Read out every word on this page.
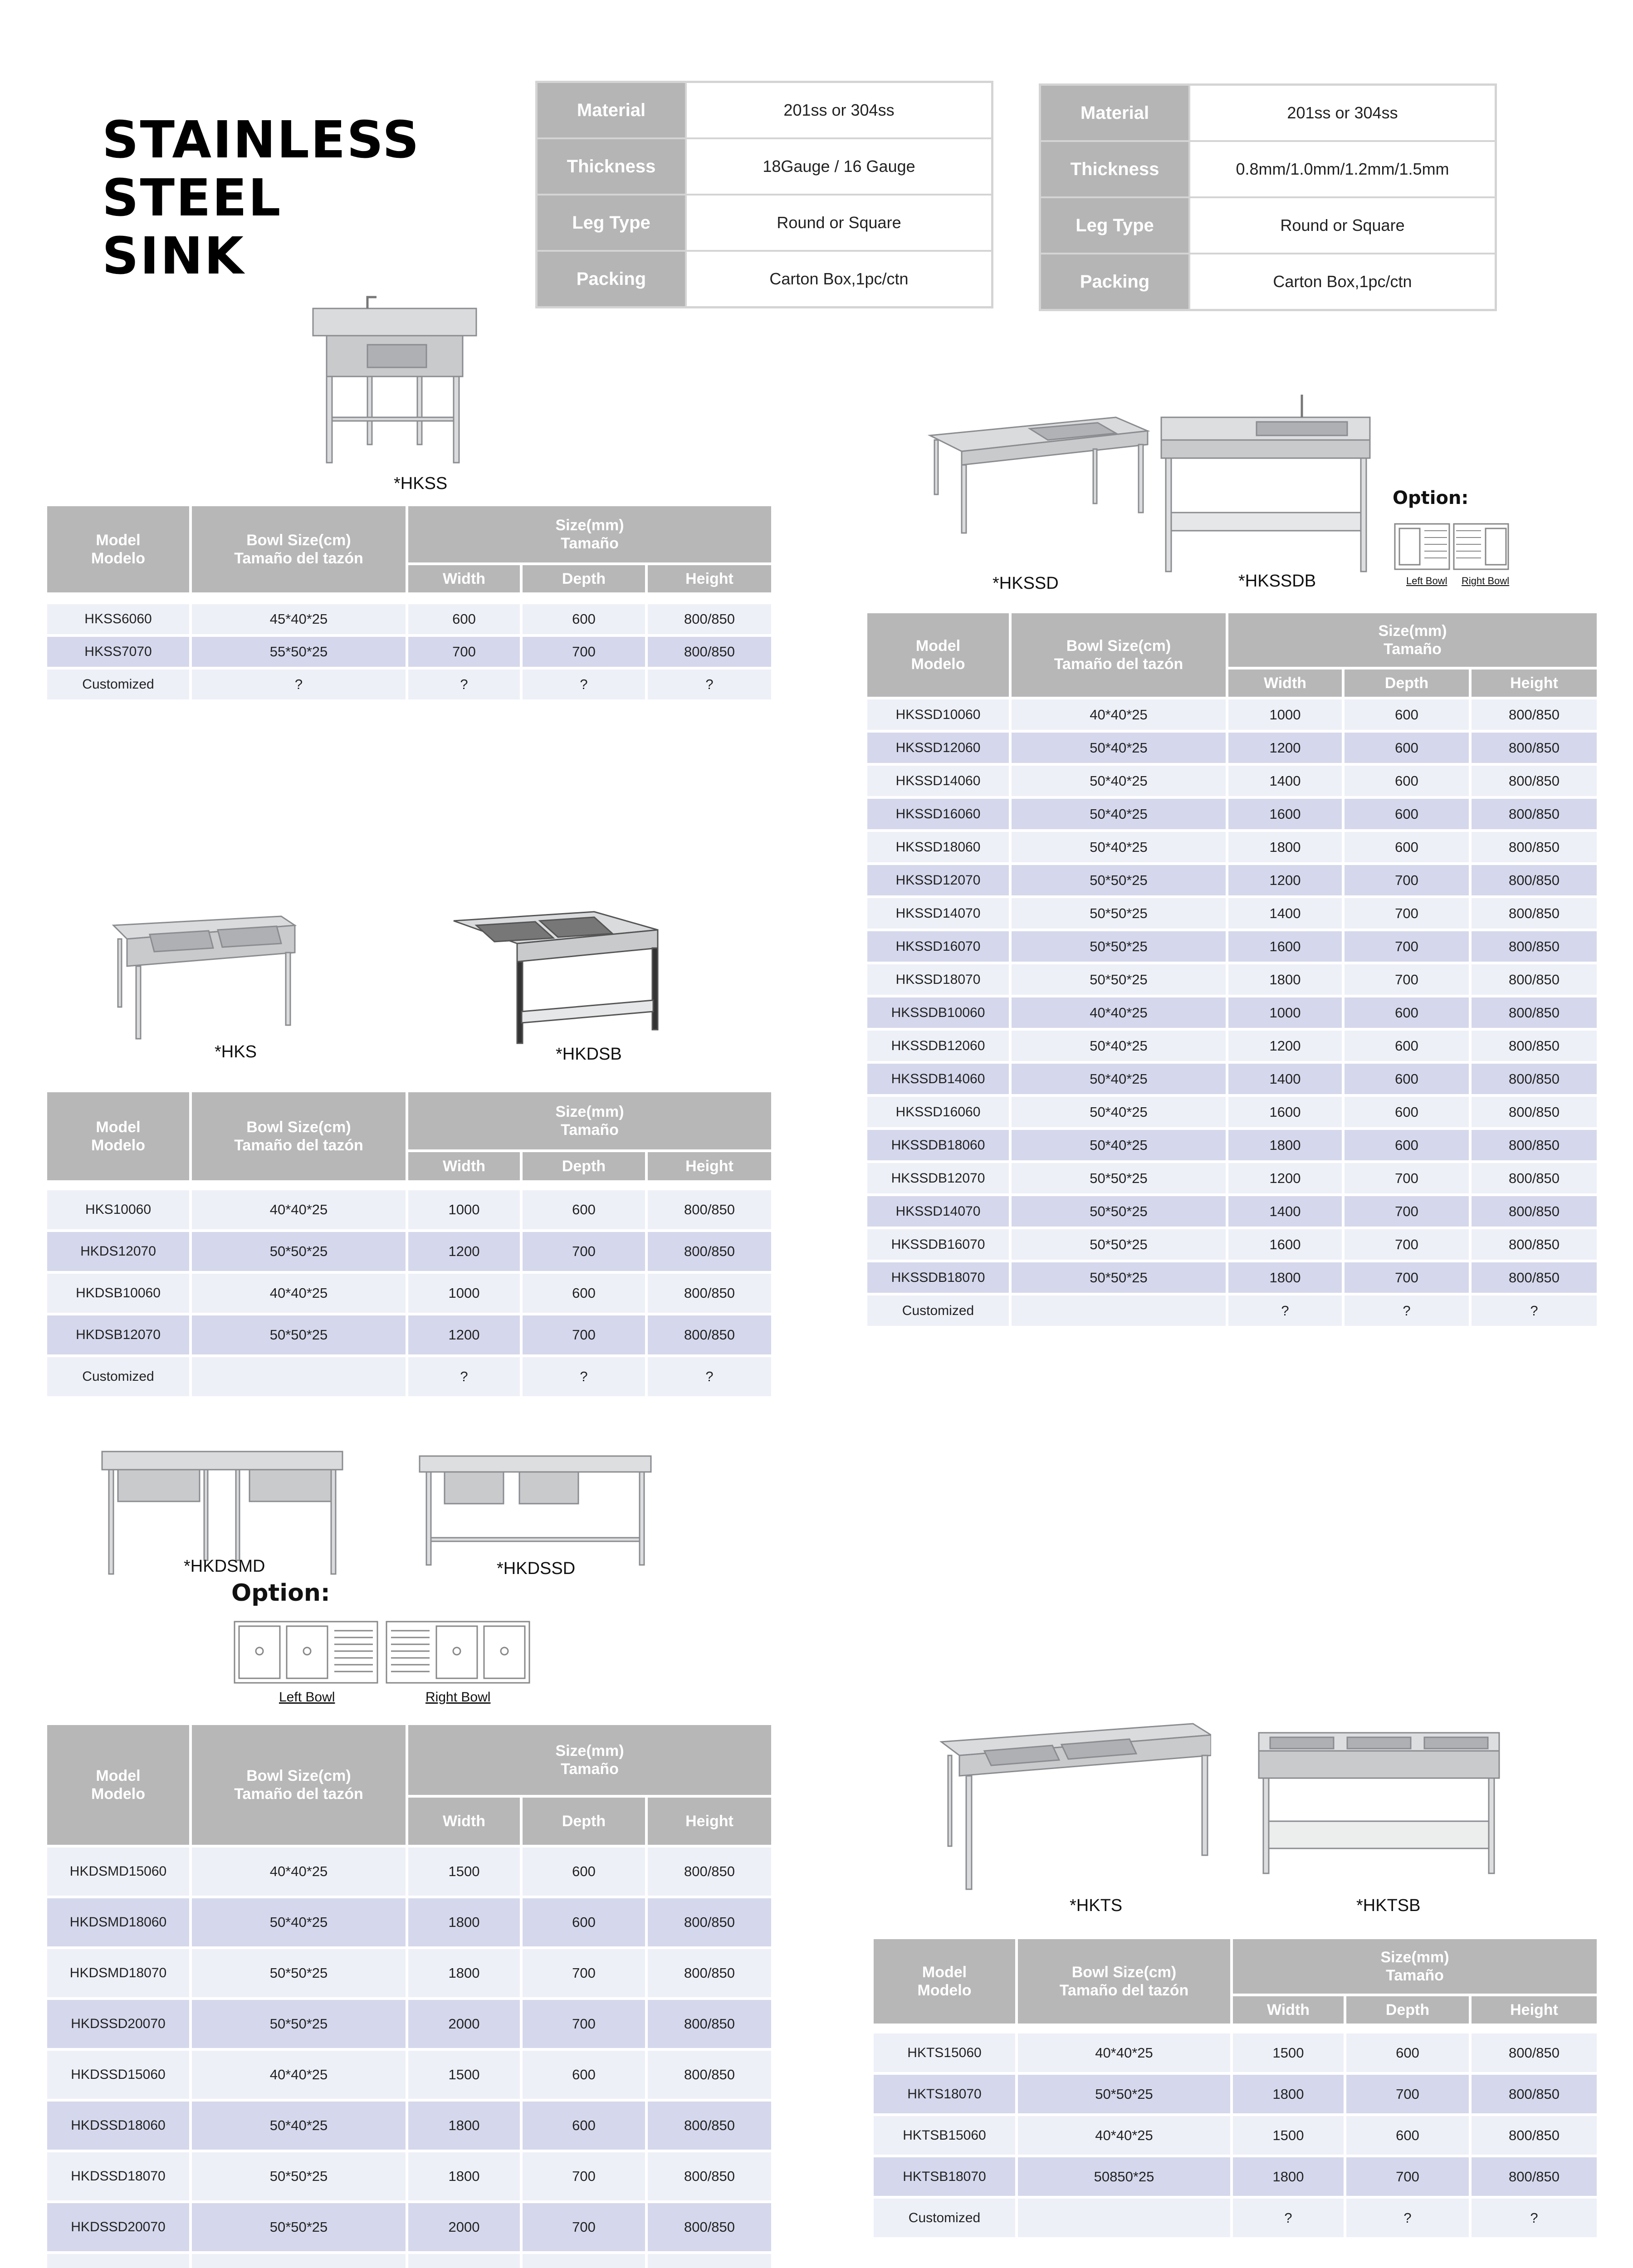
STAINLESS
STEEL
SINK
Material	201ss or 304ss
Thickness	18Gauge / 16 Gauge
Leg Type	Round or Square
Packing	Carton Box,1pc/ctn
Material	201ss or 304ss
Thickness	0.8mm/1.0mm/1.2mm/1.5mm
Leg Type	Round or Square
Packing	Carton Box,1pc/ctn
*HKSS
*HKSSD	*HKSSDB
Option:
Left Bowl Right Bowl
*HKS	*HKDSB
*HKDSMD	*HKDSSD
Option:
Left Bowl	Right Bowl
*HKTS	*HKTSB
Model
Modelo	Bowl Size(cm)
Tamaño del tazón	Size(mm)
Tamaño		
		Width	Depth	Height

HKSS6060	45*40*25	600	600	800/850
HKSS7070	55*50*25	700	700	800/850
Customized	?	?	?	?
Model
Modelo	Bowl Size(cm)
Tamaño del tazón	Size(mm)
Tamaño		
		Width	Depth	Height
HKSSD10060	40*40*25	1000	600	800/850
HKSSD12060	50*40*25	1200	600	800/850
HKSSD14060	50*40*25	1400	600	800/850
HKSSD16060	50*40*25	1600	600	800/850
HKSSD18060	50*40*25	1800	600	800/850
HKSSD12070	50*50*25	1200	700	800/850
HKSSD14070	50*50*25	1400	700	800/850
HKSSD16070	50*50*25	1600	700	800/850
HKSSD18070	50*50*25	1800	700	800/850
HKSSDB10060	40*40*25	1000	600	800/850
HKSSDB12060	50*40*25	1200	600	800/850
HKSSDB14060	50*40*25	1400	600	800/850
HKSSD16060	50*40*25	1600	600	800/850
HKSSDB18060	50*40*25	1800	600	800/850
HKSSDB12070	50*50*25	1200	700	800/850
HKSSD14070	50*50*25	1400	700	800/850
HKSSDB16070	50*50*25	1600	700	800/850
HKSSDB18070	50*50*25	1800	700	800/850
Customized		?	?	?
Model
Modelo	Bowl Size(cm)
Tamaño del tazón	Size(mm)
Tamaño		
		Width	Depth	Height

HKS10060	40*40*25	1000	600	800/850
HKDS12070	50*50*25	1200	700	800/850
HKDSB10060	40*40*25	1000	600	800/850
HKDSB12070	50*50*25	1200	700	800/850
Customized		?	?	?
Model
Modelo	Bowl Size(cm)
Tamaño del tazón	Size(mm)
Tamaño		
		Width	Depth	Height
HKDSMD15060	40*40*25	1500	600	800/850
HKDSMD18060	50*40*25	1800	600	800/850
HKDSMD18070	50*50*25	1800	700	800/850
HKDSSD20070	50*50*25	2000	700	800/850
HKDSSD15060	40*40*25	1500	600	800/850
HKDSSD18060	50*40*25	1800	600	800/850
HKDSSD18070	50*50*25	1800	700	800/850
HKDSSD20070	50*50*25	2000	700	800/850

Model
Modelo	Bowl Size(cm)
Tamaño del tazón	Size(mm)
Tamaño		
		Width	Depth	Height

HKTS15060	40*40*25	1500	600	800/850
HKTS18070	50*50*25	1800	700	800/850
HKTSB15060	40*40*25	1500	600	800/850
HKTSB18070	50850*25	1800	700	800/850
Customized		?	?	?
